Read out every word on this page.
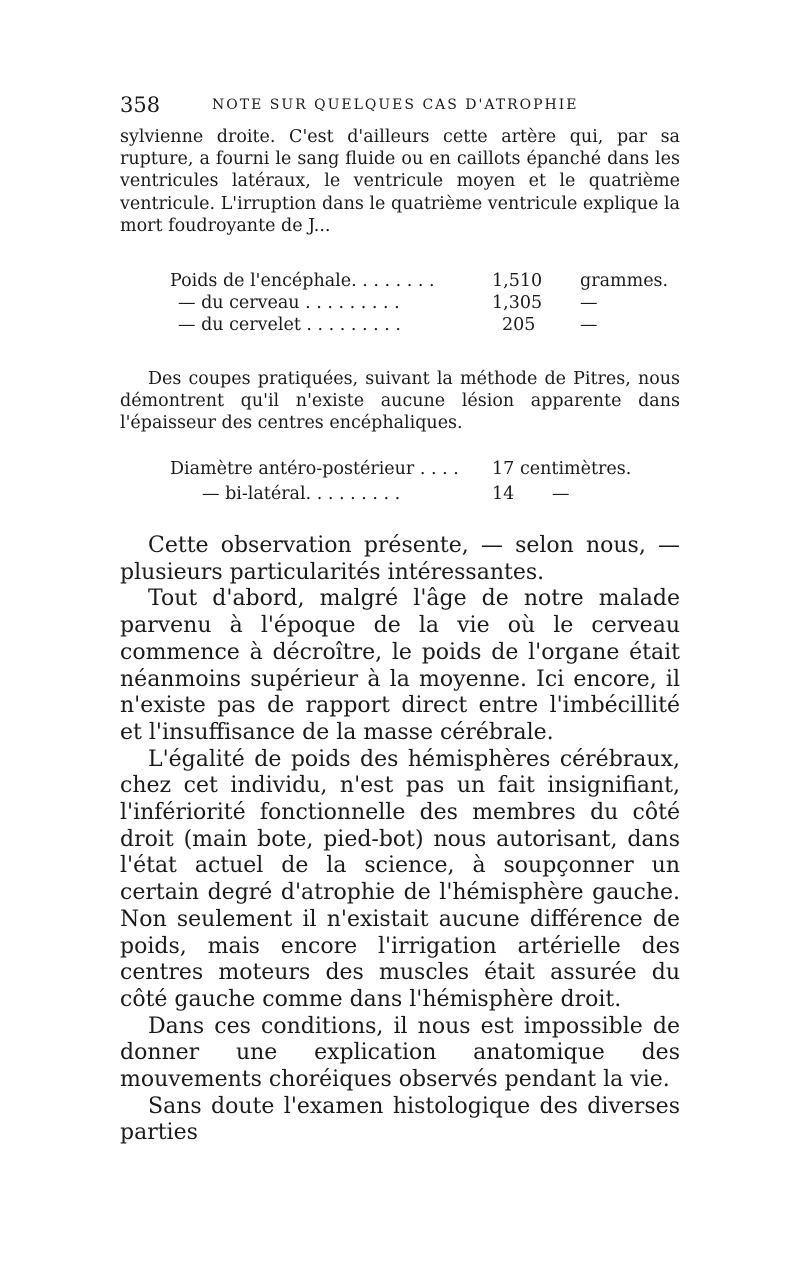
358	NOTE SUR QUELQUES CAS D'ATROPHIE

sylvienne droite. C'est d'ailleurs cette artère qui, par sa rupture, a fourni le sang fluide ou en caillots épanché dans les ventricules latéraux, le ventricule moyen et le quatrième ventricule. L'irruption dans le quatrième ventricule explique la mort foudroyante de J...

Poids de l'encéphale. . . . . . . .	1,510 grammes.
— du cerveau . . . . . . . . .	1,305 —
— du cervelet . . . . . . . . .	205	—

Des coupes pratiquées, suivant la méthode de Pitres, nous démontrent qu'il n'existe aucune lésion apparente dans l'épaisseur des centres encéphaliques.

Diamètre antéro-postérieur . . . . 17 centimètres.
— bi-latéral. . . . . . . . .	14 —

Cette observation présente, — selon nous, — plusieurs particularités intéressantes.

Tout d'abord, malgré l'âge de notre malade parvenu à l'époque de la vie où le cerveau commence à décroître, le poids de l'organe était néanmoins supérieur à la moyenne. Ici encore, il n'existe pas de rapport direct entre l'imbécillité et l'insuffisance de la masse cérébrale.

L'égalité de poids des hémisphères cérébraux, chez cet individu, n'est pas un fait insignifiant, l'infériorité fonctionnelle des membres du côté droit (main bote, pied-bot) nous autorisant, dans l'état actuel de la science, à soupçonner un certain degré d'atrophie de l'hémisphère gauche. Non seulement il n'existait aucune différence de poids, mais encore l'irrigation artérielle des centres moteurs des muscles était assurée du côté gauche comme dans l'hémisphère droit.

Dans ces conditions, il nous est impossible de donner une explication anatomique des mouvements choréiques observés pendant la vie.

Sans doute l'examen histologique des diverses parties
